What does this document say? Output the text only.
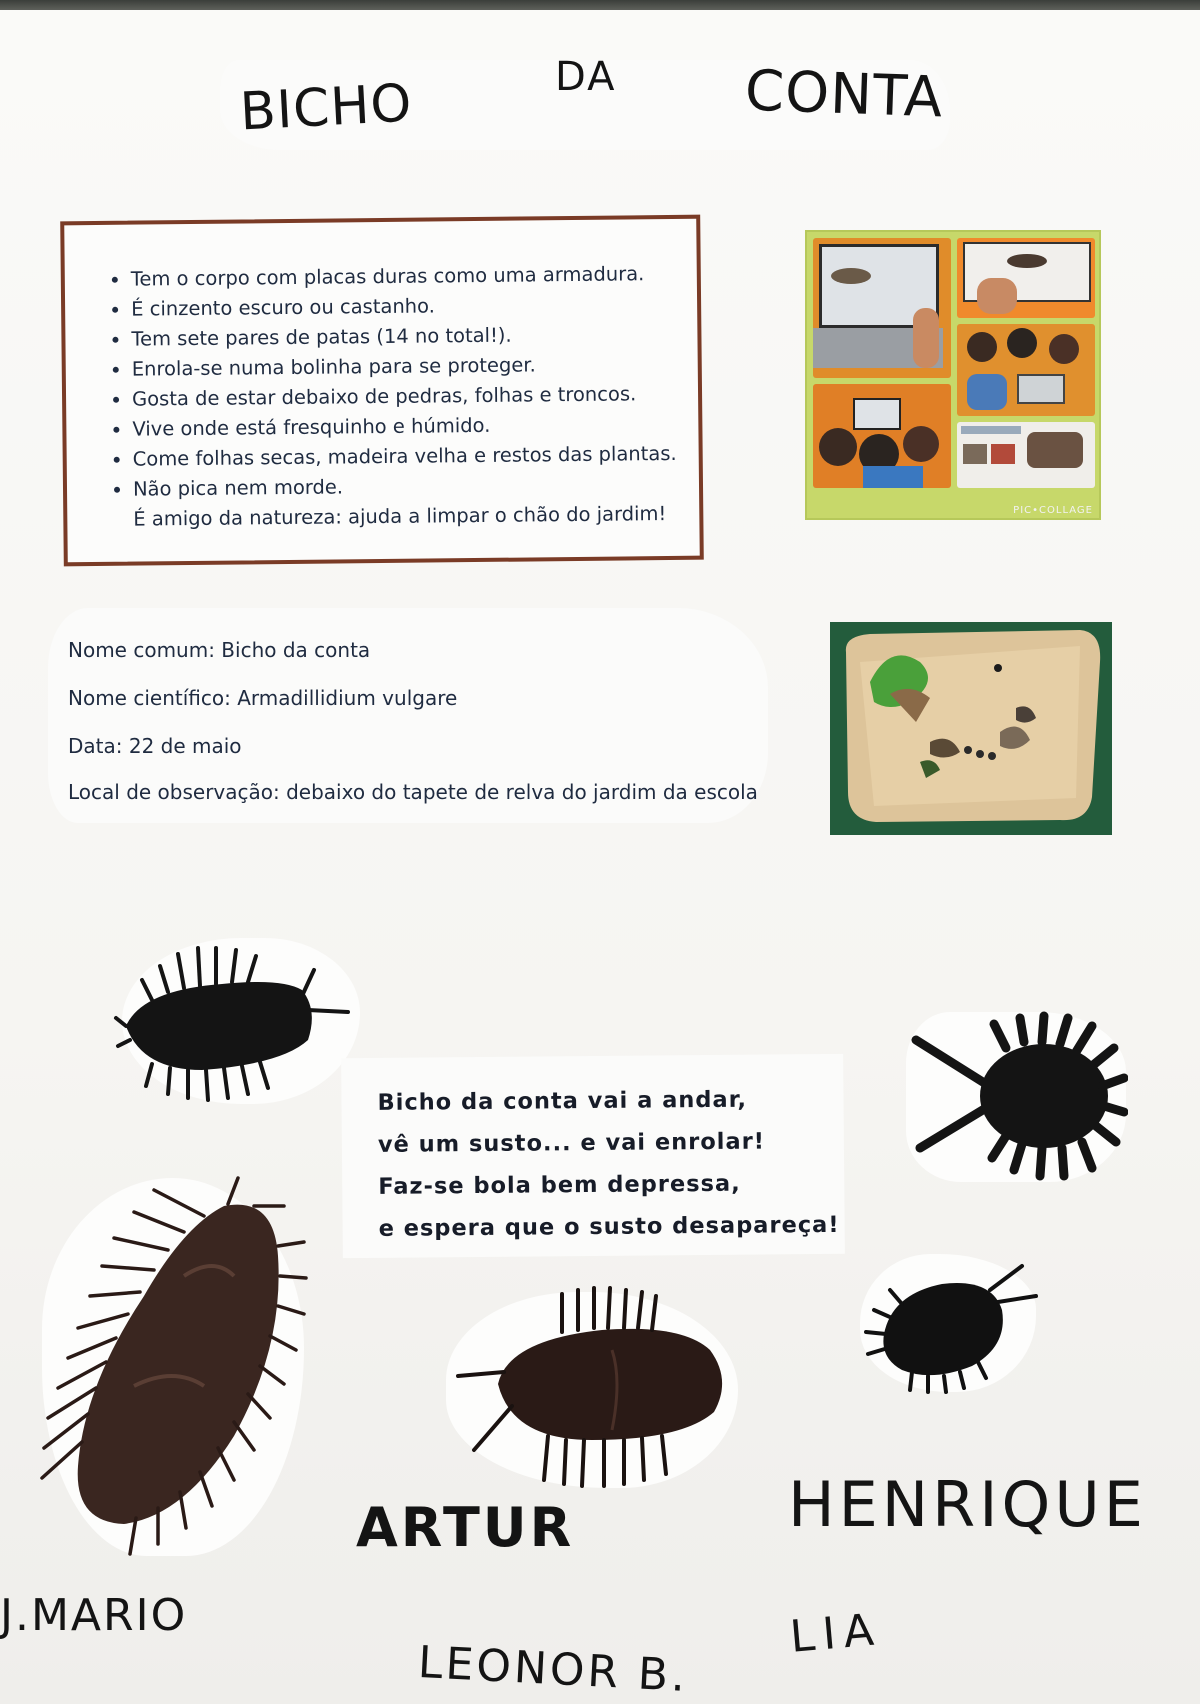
BICHO	DA CONTA
• Tem o corpo com placas duras como uma armadura.
• É cinzento escuro ou castanho.
• Tem sete pares de patas (14 no total!).
• Enrola-se numa bolinha para se proteger.
• Gosta de estar debaixo de pedras, folhas e troncos.
• Vive onde está fresquinho e húmido.
• Come folhas secas, madeira velha e restos das plantas.
• Não pica nem morde.
É amigo da natureza: ajuda a limpar o chão do jardim!	PIC•COLLAGE
Nome comum: Bicho da conta
Nome científico: Armadillidium vulgare
Data: 22 de maio
Local de observação: debaixo do tapete de relva do jardim da escola
Bicho da conta vai a andar,
vê um susto... e vai enrolar!
Faz-se bola bem depressa,
e espera que o susto desapareça!
ARTUR	HENRIQUE
J.MARIO
LEONOR B.
LIA
